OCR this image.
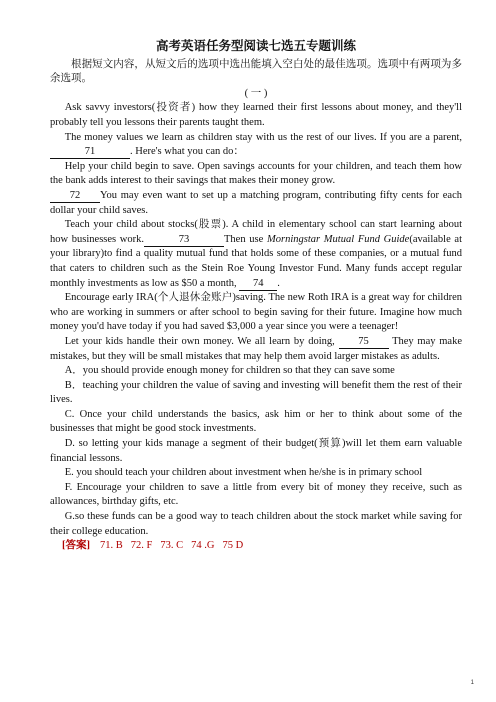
高考英语任务型阅读七选五专题训练

根据短文内容，从短文后的选项中选出能填入空白处的最佳选项。选项中有两项为多余选项。

( 一 )

Ask savvy investors(投资者) how they learned their first lessons about money, and they'll probably tell you lessons their parents taught them.

The money values we learn as children stay with us the rest of our lives. If you are a parent, 71	. Here's what you can do：

Help your child begin to save. Open savings accounts for your children, and teach them how the bank adds interest to their savings that makes their money grow.

72 You may even want to set up a matching program, contributing fifty cents for each dollar your child saves.

Teach your child about stocks(股票). A child in elementary school can start learning about how businesses work.	73	Then use Morningstar Mutual Fund Guide(available at your library)to find a quality mutual fund that holds some of these companies, or a mutual fund that caters to children such as the Stein Roe Young Investor Fund. Many funds accept regular monthly investments as low as $50 a month, 74 .

Encourage early IRA(个人退休金账户)saving. The new Roth IRA is a great way for children who are working in summers or after school to begin saving for their future. Imagine how much money you'd have today if you had saved $3,000 a year since you were a teenager!

Let your kids handle their own money. We all learn by doing, 75 They may make mistakes, but they will be small mistakes that may help them avoid larger mistakes as adults.

A．you should provide enough money for children so that they can save some

B．teaching your children the value of saving and investing will benefit them the rest of their lives.

C. Once your child understands the basics, ask him or her to think about some of the businesses that might be good stock investments.

D. so letting your kids manage a segment of their budget(预算)will let them earn valuable financial lessons.

E. you should teach your children about investment when he/she is in primary school

F. Encourage your children to save a little from every bit of money they receive, such as allowances, birthday gifts, etc.

G.so these funds can be a good way to teach children about the stock market while saving for their college education.

[答案] 71. B 72. F 73. C 74 .G 75 D

1
